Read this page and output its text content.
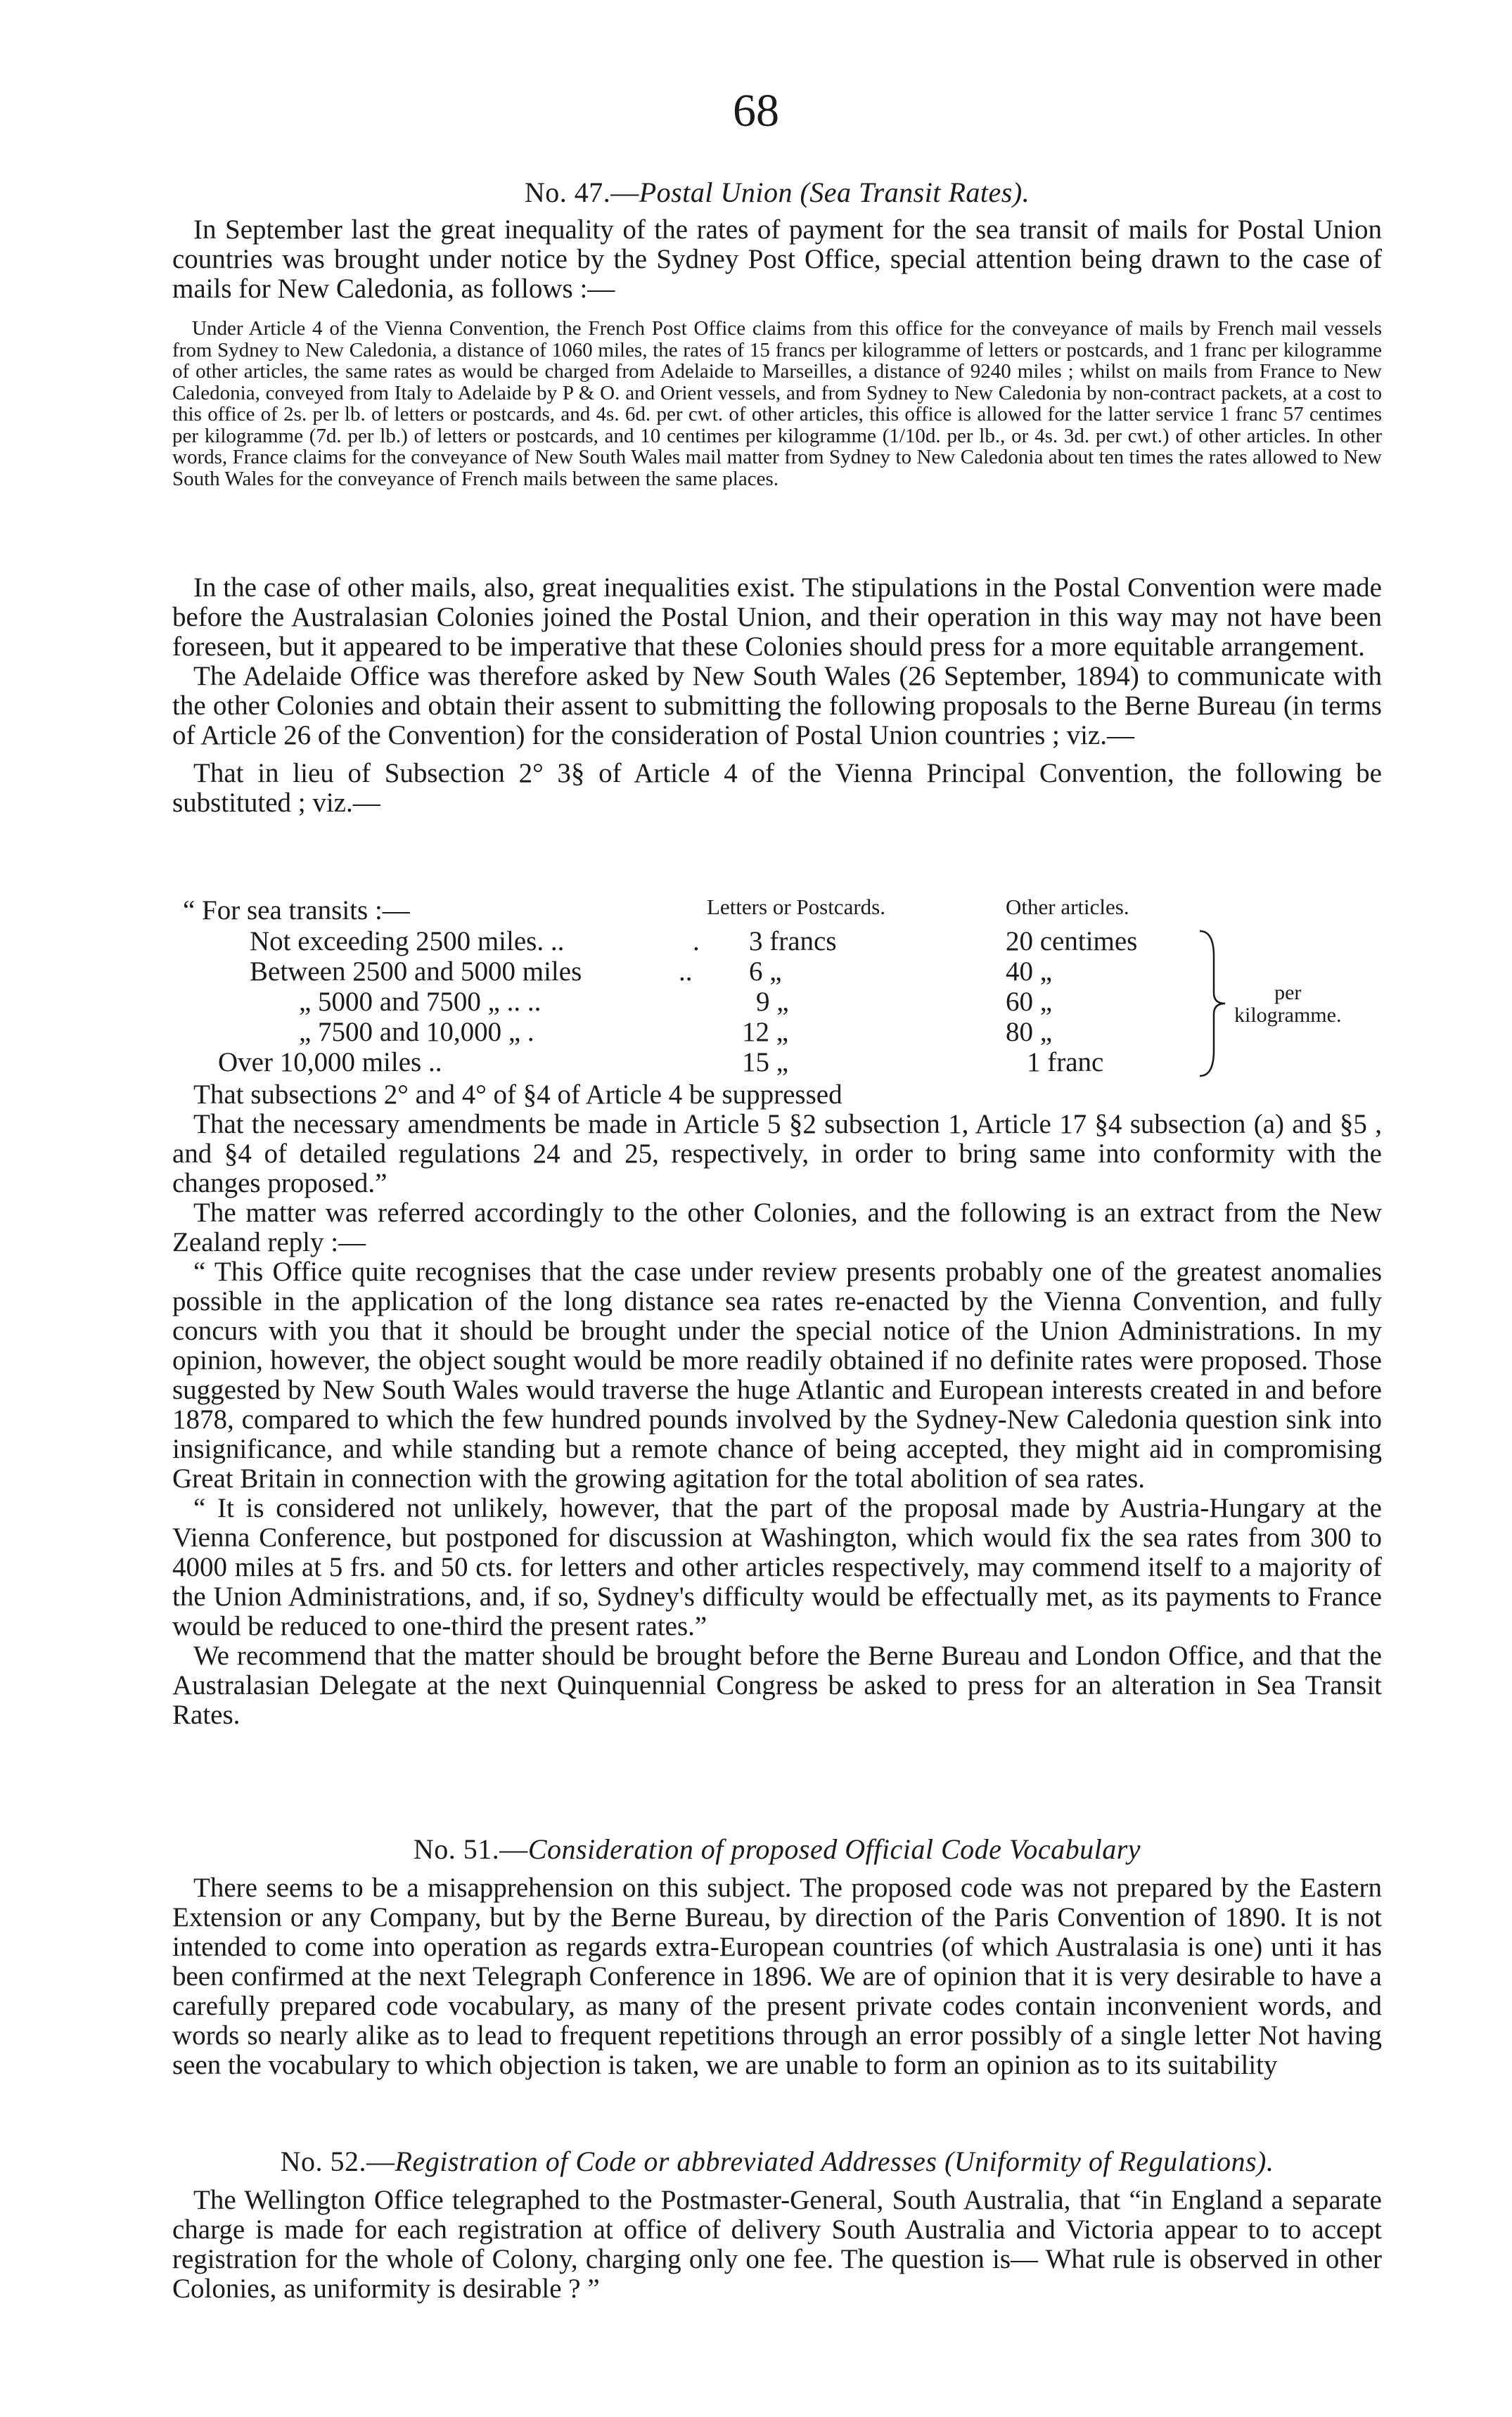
68
No. 47.—Postal Union (Sea Transit Rates).

In September last the great inequality of the rates of payment for the sea transit of mails for Postal Union countries was brought under notice by the Sydney Post Office, special attention being drawn to the case of mails for New Caledonia, as follows :—

Under Article 4 of the Vienna Convention, the French Post Office claims from this office for the conveyance of mails by French mail vessels from Sydney to New Caledonia, a distance of 1060 miles, the rates of 15 francs per kilogramme of letters or postcards, and 1 franc per kilogramme of other articles, the same rates as would be charged from Adelaide to Marseilles, a distance of 9240 miles ; whilst on mails from France to New Caledonia, conveyed from Italy to Adelaide by P & O. and Orient vessels, and from Sydney to New Caledonia by non-contract packets, at a cost to this office of 2s. per lb. of letters or postcards, and 4s. 6d. per cwt. of other articles, this office is allowed for the latter service 1 franc 57 centimes per kilogramme (7d. per lb.) of letters or postcards, and 10 centimes per kilogramme (1/10d. per lb., or 4s. 3d. per cwt.) of other articles. In other words, France claims for the conveyance of New South Wales mail matter from Sydney to New Caledonia about ten times the rates allowed to New South Wales for the conveyance of French mails between the same places.

In the case of other mails, also, great inequalities exist. The stipulations in the Postal Convention were made before the Australasian Colonies joined the Postal Union, and their operation in this way may not have been foreseen, but it appeared to be imperative that these Colonies should press for a more equitable arrangement.

The Adelaide Office was therefore asked by New South Wales (26 September, 1894) to communicate with the other Colonies and obtain their assent to submitting the following proposals to the Berne Bureau (in terms of Article 26 of the Convention) for the consideration of Postal Union countries ; viz.—

That in lieu of Subsection 2° 3§ of Article 4 of the Vienna Principal Convention, the following be substituted ; viz.—

“ For sea transits :—	Letters or Postcards.	Other articles.
Not exceeding 2500 miles. ..	. 3 francs	20 centimes
Between 2500 and 5000 miles	.. 6 „	40 „
„ 5000 and 7500 „ .. ..	9 „	60 „
„ 7500 and 10,000 „ .	12 „	80 „
Over 10,000 miles ..	15 „	1 franc
per
kilogramme.

That subsections 2° and 4° of §4 of Article 4 be suppressed

That the necessary amendments be made in Article 5 §2 subsection 1, Article 17 §4 subsection (a) and §5 , and §4 of detailed regulations 24 and 25, respectively, in order to bring same into conformity with the changes proposed.”

The matter was referred accordingly to the other Colonies, and the following is an extract from the New Zealand reply :—

“ This Office quite recognises that the case under review presents probably one of the greatest anomalies possible in the application of the long distance sea rates re-enacted by the Vienna Convention, and fully concurs with you that it should be brought under the special notice of the Union Administrations. In my opinion, however, the object sought would be more readily obtained if no definite rates were proposed. Those suggested by New South Wales would traverse the huge Atlantic and European interests created in and before 1878, compared to which the few hundred pounds involved by the Sydney-New Caledonia question sink into insignificance, and while standing but a remote chance of being accepted, they might aid in compromising Great Britain in connection with the growing agitation for the total abolition of sea rates.

“ It is considered not unlikely, however, that the part of the proposal made by Austria-Hungary at the Vienna Conference, but postponed for discussion at Washington, which would fix the sea rates from 300 to 4000 miles at 5 frs. and 50 cts. for letters and other articles respectively, may commend itself to a majority of the Union Administrations, and, if so, Sydney's difficulty would be effectually met, as its payments to France would be reduced to one-third the present rates.”

We recommend that the matter should be brought before the Berne Bureau and London Office, and that the Australasian Delegate at the next Quinquennial Congress be asked to press for an alteration in Sea Transit Rates.

No. 51.—Consideration of proposed Official Code Vocabulary

There seems to be a misapprehension on this subject. The proposed code was not prepared by the Eastern Extension or any Company, but by the Berne Bureau, by direction of the Paris Convention of 1890. It is not intended to come into operation as regards extra-European countries (of which Australasia is one) unti it has been confirmed at the next Telegraph Conference in 1896. We are of opinion that it is very desirable to have a carefully prepared code vocabulary, as many of the present private codes contain inconvenient words, and words so nearly alike as to lead to frequent repetitions through an error possibly of a single letter Not having seen the vocabulary to which objection is taken, we are unable to form an opinion as to its suitability

No. 52.—Registration of Code or abbreviated Addresses (Uniformity of Regulations).

The Wellington Office telegraphed to the Postmaster-General, South Australia, that “in England a separate charge is made for each registration at office of delivery South Australia and Victoria appear to to accept registration for the whole of Colony, charging only one fee. The question is— What rule is observed in other Colonies, as uniformity is desirable ? ”
